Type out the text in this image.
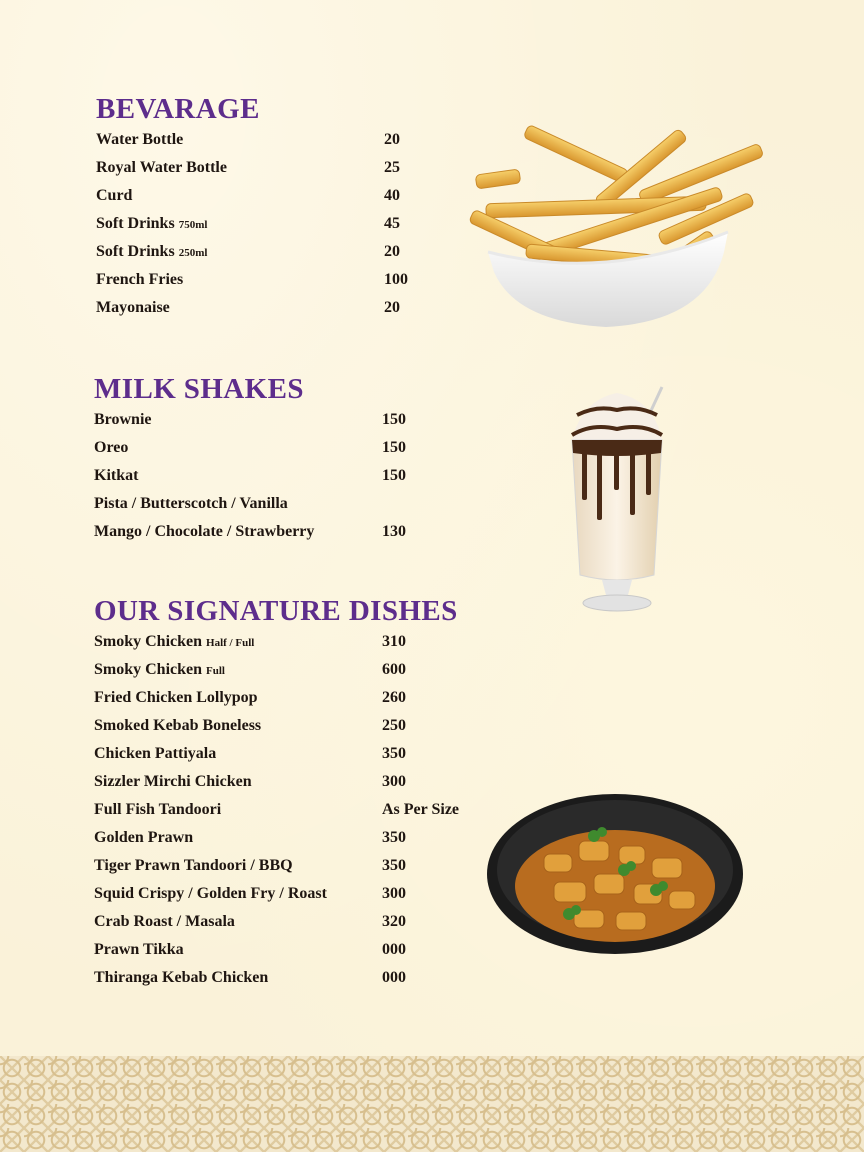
BEVARAGE
Water Bottle	20
Royal Water Bottle	25
Curd	40
Soft Drinks 750ml	45
Soft Drinks 250ml	20
French Fries	100
Mayonaise	20
MILK SHAKES
Brownie	150
Oreo	150
Kitkat	150
Pista / Butterscotch / Vanilla
Mango / Chocolate / Strawberry	130
OUR SIGNATURE DISHES
Smoky Chicken Half / Full	310
Smoky Chicken Full	600
Fried Chicken Lollypop	260
Smoked Kebab Boneless	250
Chicken Pattiyala	350
Sizzler Mirchi Chicken	300
Full Fish Tandoori	As Per Size
Golden Prawn	350
Tiger Prawn Tandoori / BBQ	350
Squid Crispy / Golden Fry / Roast	300
Crab Roast / Masala	320
Prawn Tikka	000
Thiranga Kebab Chicken	000
